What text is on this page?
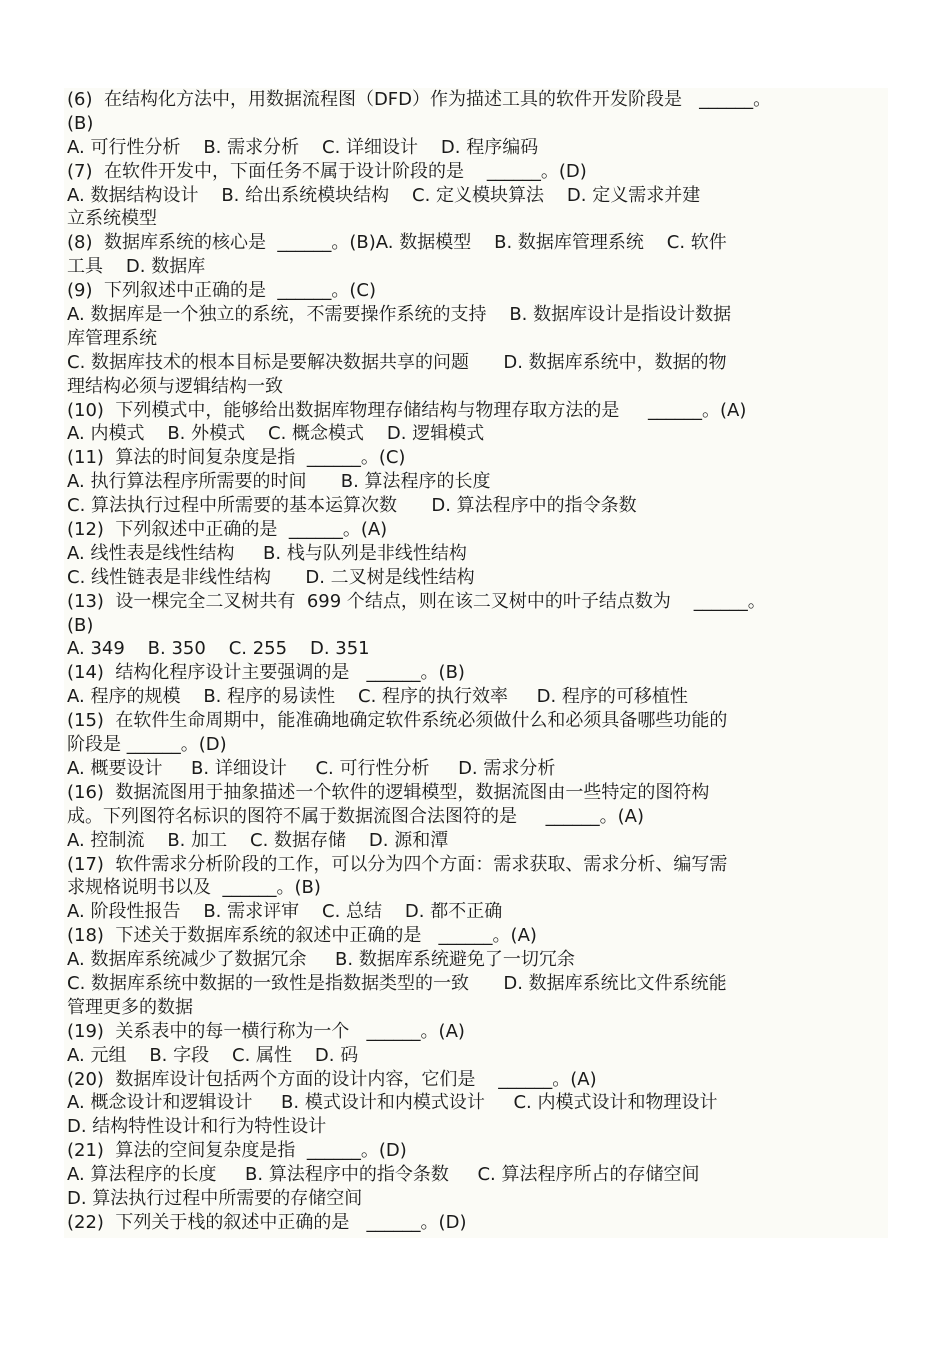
(6)  在结构化方法中，用数据流程图（DFD）作为描述工具的软件开发阶段是   ______。
(B)
A. 可行性分析    B. 需求分析    C. 详细设计    D. 程序编码
(7)  在软件开发中，下面任务不属于设计阶段的是    ______。(D)
A. 数据结构设计    B. 给出系统模块结构    C. 定义模块算法    D. 定义需求并建
立系统模型
(8)  数据库系统的核心是  ______。(B)A. 数据模型    B. 数据库管理系统    C. 软件
工具    D. 数据库
(9)  下列叙述中正确的是  ______。(C)
A. 数据库是一个独立的系统，不需要操作系统的支持    B. 数据库设计是指设计数据
库管理系统
C. 数据库技术的根本目标是要解决数据共享的问题      D. 数据库系统中，数据的物
理结构必须与逻辑结构一致
(10)  下列模式中，能够给出数据库物理存储结构与物理存取方法的是     ______。(A)
A. 内模式    B. 外模式    C. 概念模式    D. 逻辑模式
(11)  算法的时间复杂度是指  ______。(C)
A. 执行算法程序所需要的时间      B. 算法程序的长度
C. 算法执行过程中所需要的基本运算次数      D. 算法程序中的指令条数
(12)  下列叙述中正确的是  ______。(A)
A. 线性表是线性结构     B. 栈与队列是非线性结构
C. 线性链表是非线性结构      D. 二叉树是线性结构
(13)  设一棵完全二叉树共有  699 个结点，则在该二叉树中的叶子结点数为    ______。
(B)
A. 349    B. 350    C. 255    D. 351
(14)  结构化程序设计主要强调的是   ______。(B)
A. 程序的规模    B. 程序的易读性    C. 程序的执行效率     D. 程序的可移植性
(15)  在软件生命周期中，能准确地确定软件系统必须做什么和必须具备哪些功能的
阶段是 ______。(D)
A. 概要设计     B. 详细设计     C. 可行性分析     D. 需求分析
(16)  数据流图用于抽象描述一个软件的逻辑模型，数据流图由一些特定的图符构
成。下列图符名标识的图符不属于数据流图合法图符的是     ______。(A)
A. 控制流    B. 加工    C. 数据存储    D. 源和潭
(17)  软件需求分析阶段的工作，可以分为四个方面：需求获取、需求分析、编写需
求规格说明书以及  ______。(B)
A. 阶段性报告    B. 需求评审    C. 总结    D. 都不正确
(18)  下述关于数据库系统的叙述中正确的是   ______。(A)
A. 数据库系统减少了数据冗余     B. 数据库系统避免了一切冗余
C. 数据库系统中数据的一致性是指数据类型的一致      D. 数据库系统比文件系统能
管理更多的数据
(19)  关系表中的每一横行称为一个   ______。(A)
A. 元组    B. 字段    C. 属性    D. 码
(20)  数据库设计包括两个方面的设计内容，它们是    ______。(A)
A. 概念设计和逻辑设计     B. 模式设计和内模式设计     C. 内模式设计和物理设计
D. 结构特性设计和行为特性设计
(21)  算法的空间复杂度是指  ______。(D)
A. 算法程序的长度     B. 算法程序中的指令条数     C. 算法程序所占的存储空间
D. 算法执行过程中所需要的存储空间
(22)  下列关于栈的叙述中正确的是   ______。(D)
